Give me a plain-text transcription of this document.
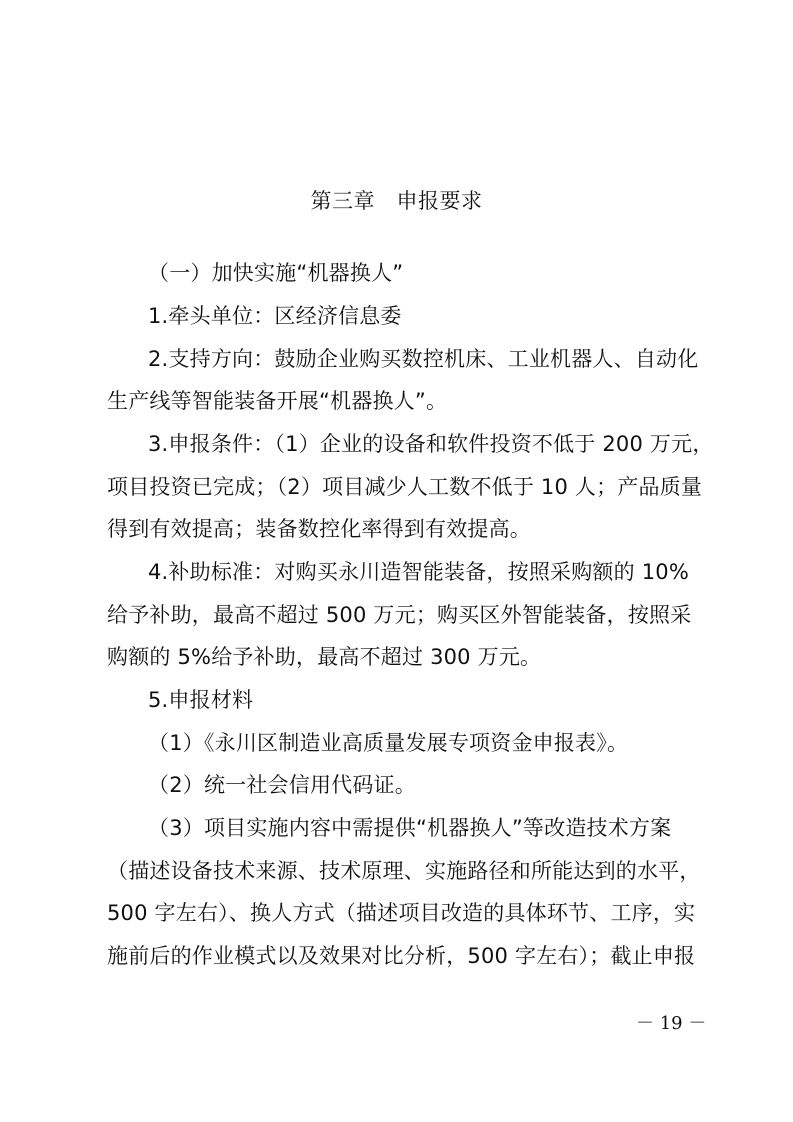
第三章　申报要求
（一）加快实施“机器换人”
1.牵头单位：区经济信息委
2.支持方向：鼓励企业购买数控机床、工业机器人、自动化
生产线等智能装备开展“机器换人”。
3.申报条件：（1）企业的设备和软件投资不低于 200 万元，
项目投资已完成；（2）项目减少人工数不低于 10 人；产品质量
得到有效提高；装备数控化率得到有效提高。
4.补助标准：对购买永川造智能装备，按照采购额的 10%
给予补助，最高不超过 500 万元；购买区外智能装备，按照采
购额的 5%给予补助，最高不超过 300 万元。
5.申报材料
（1）《永川区制造业高质量发展专项资金申报表》。
（2）统一社会信用代码证。
（3）项目实施内容中需提供“机器换人”等改造技术方案
（描述设备技术来源、技术原理、实施路径和所能达到的水平，
500 字左右）、换人方式（描述项目改造的具体环节、工序，实
施前后的作业模式以及效果对比分析，500 字左右）；截止申报
－ 19 －
